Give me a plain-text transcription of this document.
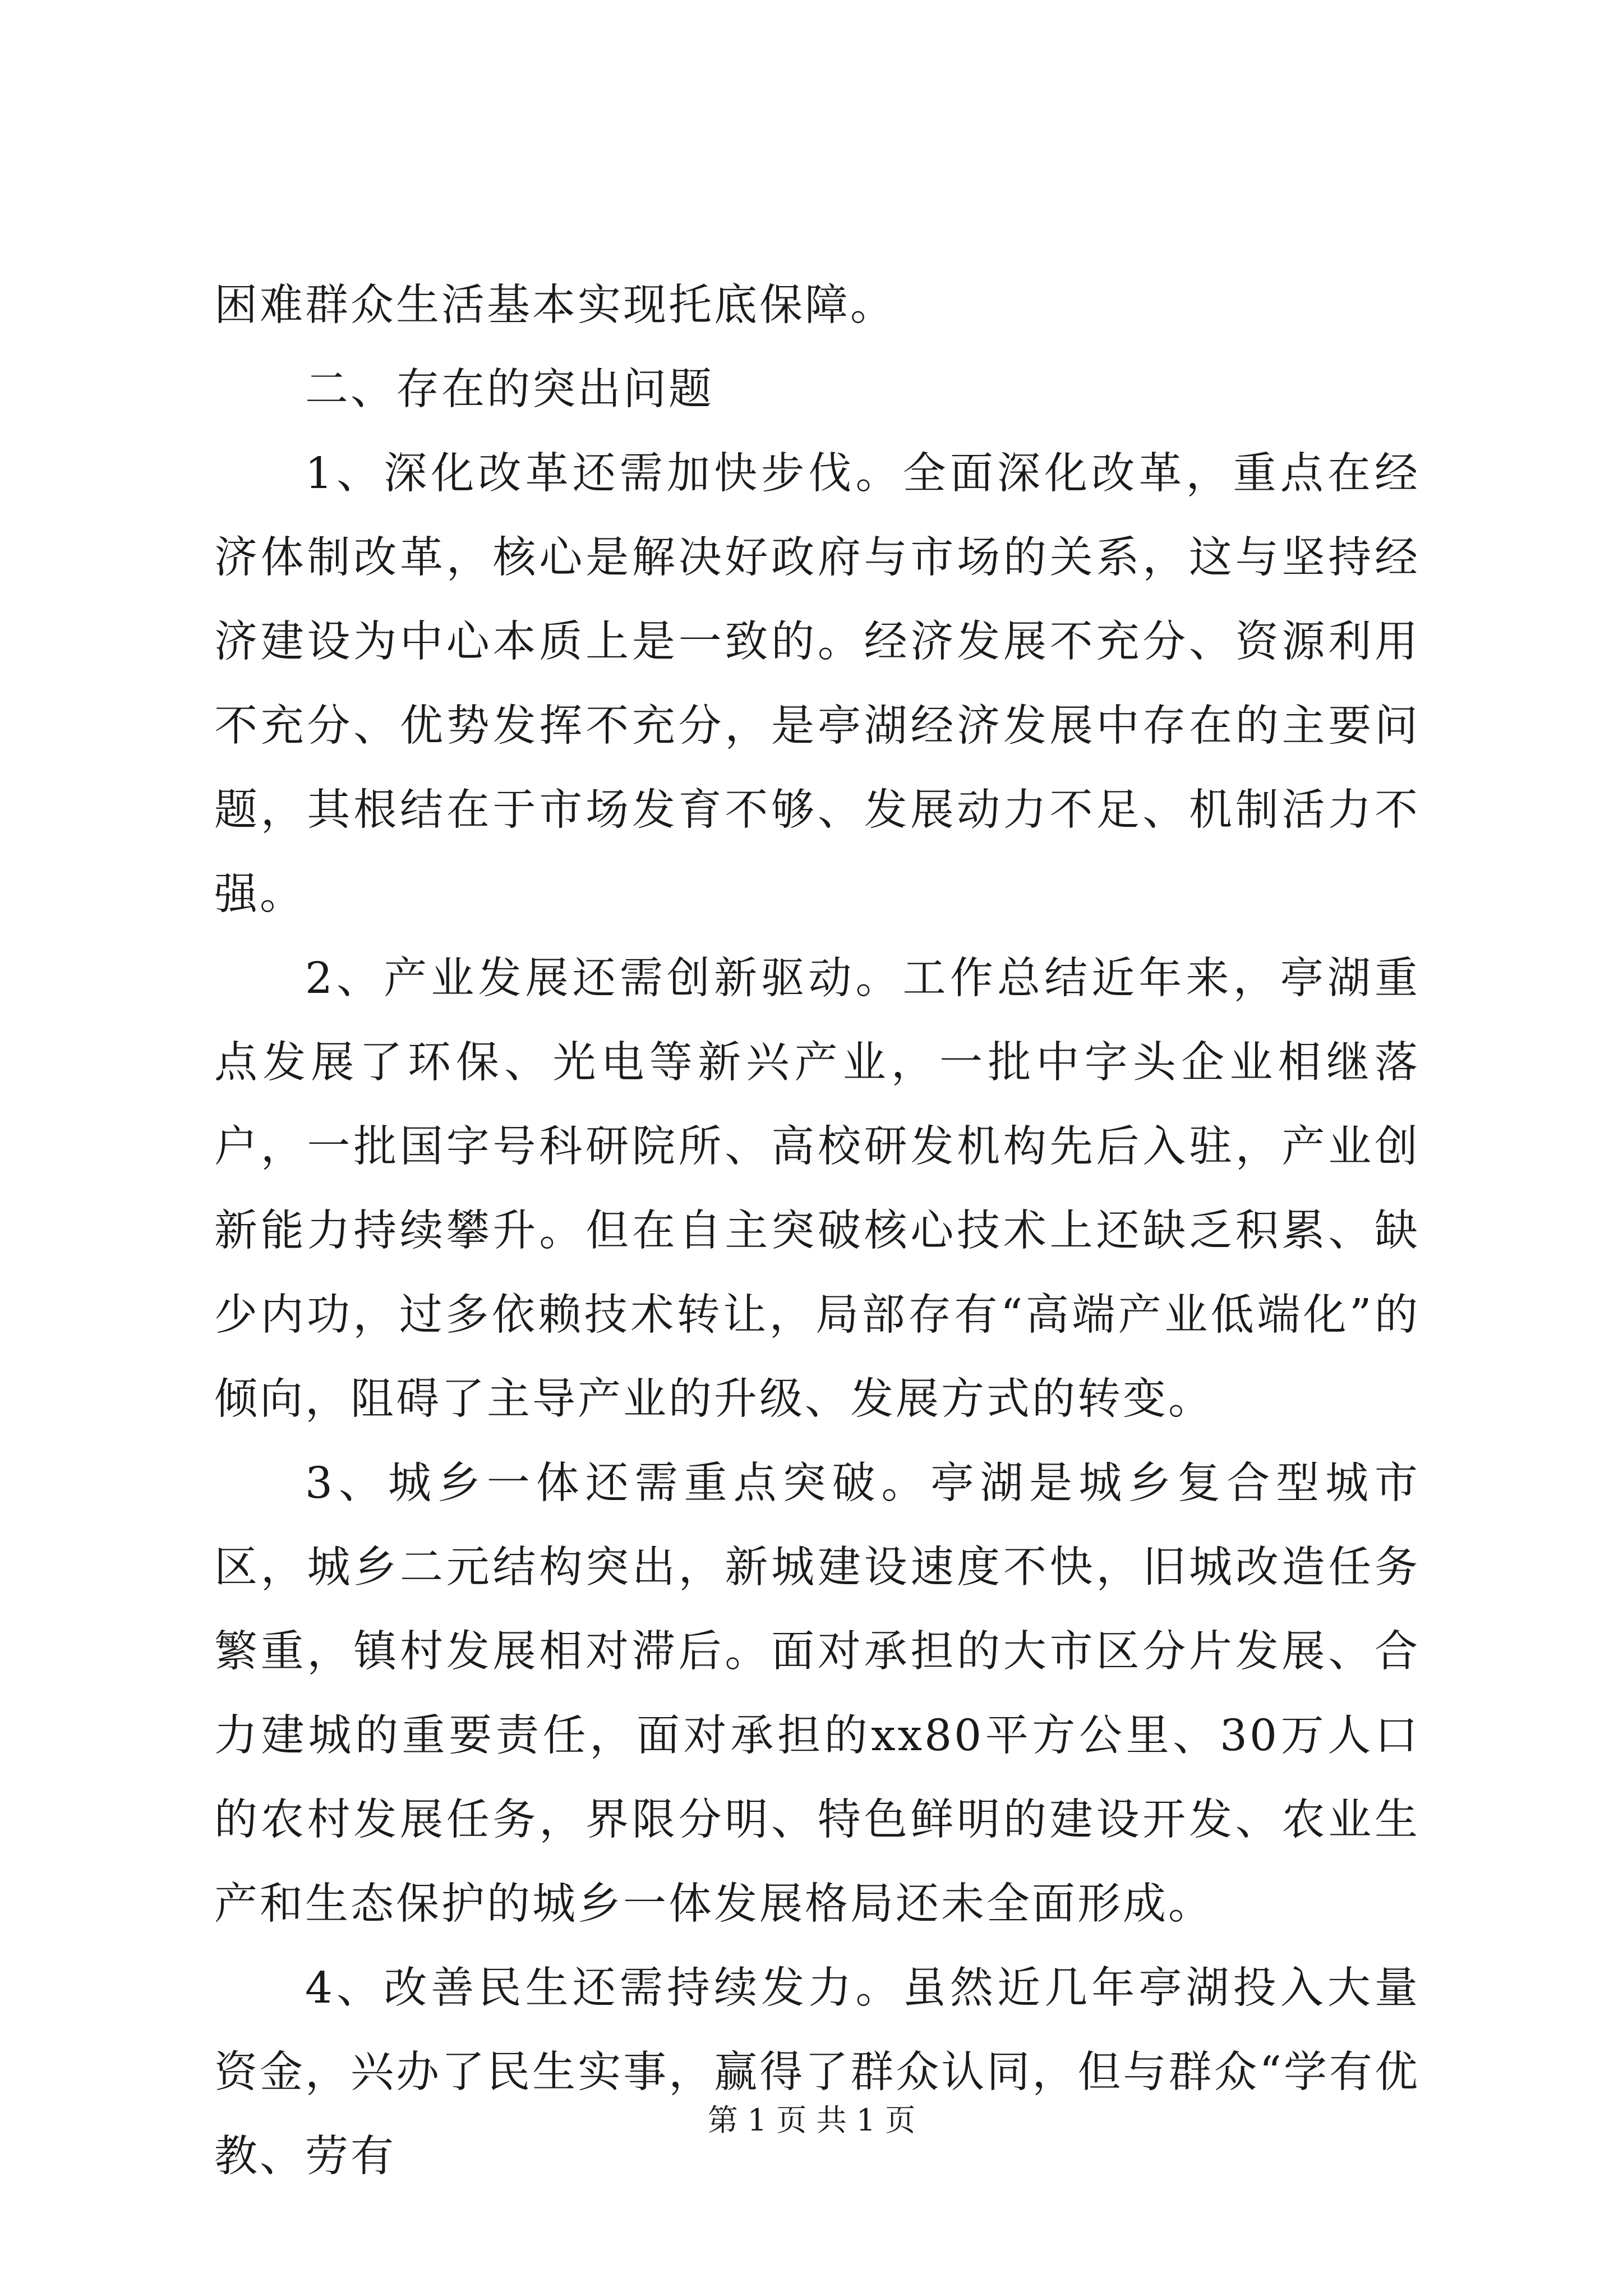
困难群众生活基本实现托底保障。

二、存在的突出问题

1、深化改革还需加快步伐。全面深化改革，重点在经济体制改革，核心是解决好政府与市场的关系，这与坚持经济建设为中心本质上是一致的。经济发展不充分、资源利用不充分、优势发挥不充分，是亭湖经济发展中存在的主要问题，其根结在于市场发育不够、发展动力不足、机制活力不强。

2、产业发展还需创新驱动。工作总结近年来，亭湖重点发展了环保、光电等新兴产业，一批中字头企业相继落户，一批国字号科研院所、高校研发机构先后入驻，产业创新能力持续攀升。但在自主突破核心技术上还缺乏积累、缺少内功，过多依赖技术转让，局部存有“高端产业低端化”的倾向，阻碍了主导产业的升级、发展方式的转变。

3、城乡一体还需重点突破。亭湖是城乡复合型城市区，城乡二元结构突出，新城建设速度不快，旧城改造任务繁重，镇村发展相对滞后。面对承担的大市区分片发展、合力建城的重要责任，面对承担的xx80平方公里、30万人口的农村发展任务，界限分明、特色鲜明的建设开发、农业生产和生态保护的城乡一体发展格局还未全面形成。

4、改善民生还需持续发力。虽然近几年亭湖投入大量资金，兴办了民生实事，赢得了群众认同，但与群众“学有优教、劳有

第 1 页 共 1 页
